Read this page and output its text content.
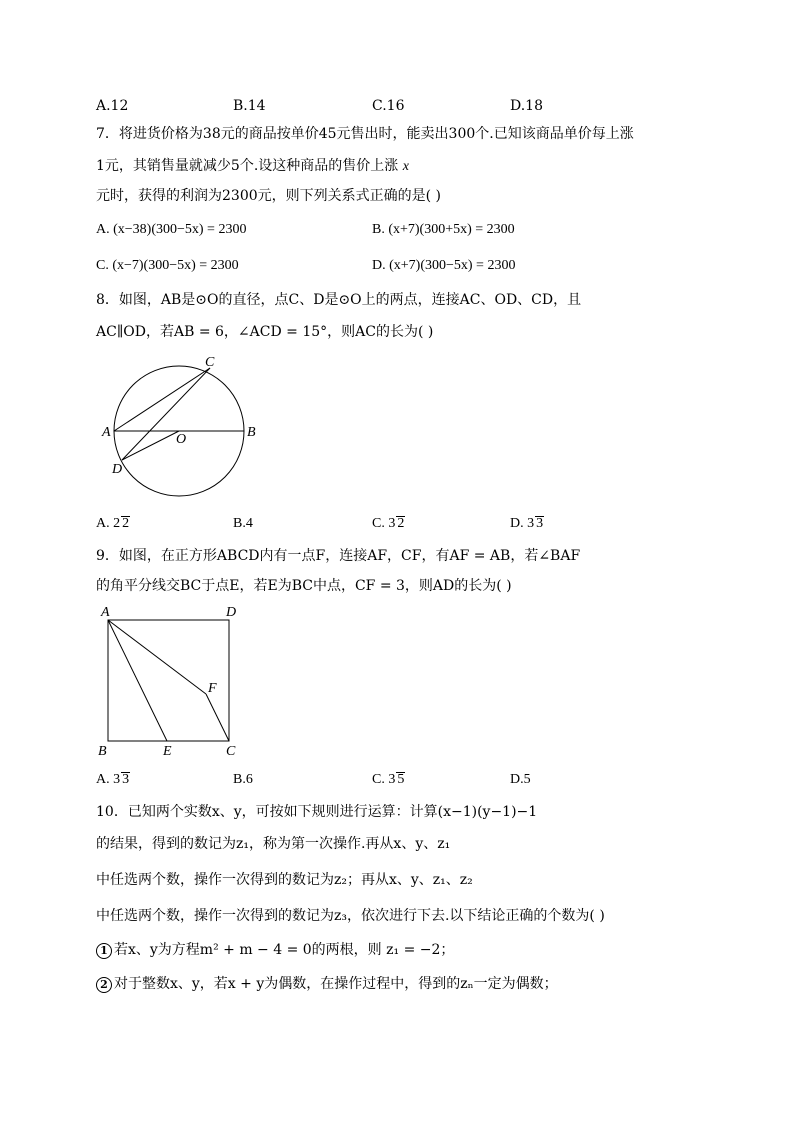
A.12	B.14	C.16	D.18
7．将进货价格为38元的商品按单价45元售出时，能卖出300个.已知该商品单价每上涨
1元，其销售量就减少5个.设这种商品的售价上涨 x
元时，获得的利润为2300元，则下列关系式正确的是( )
A. (x−38)(300−5x) = 2300	B. (x+7)(300+5x) = 2300
C. (x−7)(300−5x) = 2300	D. (x+7)(300−5x) = 2300
8．如图，AB是⊙O的直径，点C、D是⊙O上的两点，连接AC、OD、CD，且
AC∥OD，若AB = 6，∠ACD = 15°，则AC的长为( )
A	B
C
D
O
A. 2 2	B.4	C. 3 2	D. 3 3
9．如图，在正方形ABCD内有一点F，连接AF，CF，有AF = AB，若∠BAF
的角平分线交BC于点E，若E为BC中点，CF = 3，则AD的长为( )
A	D
B	C
E
F
A. 3 3	B.6	C. 3 5	D.5
10．已知两个实数x、y，可按如下规则进行运算：计算(x−1)(y−1)−1
的结果，得到的数记为z₁，称为第一次操作.再从x、y、z₁
中任选两个数，操作一次得到的数记为z₂；再从x、y、z₁、z₂
中任选两个数，操作一次得到的数记为z₃，依次进行下去.以下结论正确的个数为( )
1 若x、y为方程m² + m − 4 = 0的两根，则 z₁ = −2；
2 对于整数x、y，若x + y为偶数，在操作过程中，得到的zₙ一定为偶数；
